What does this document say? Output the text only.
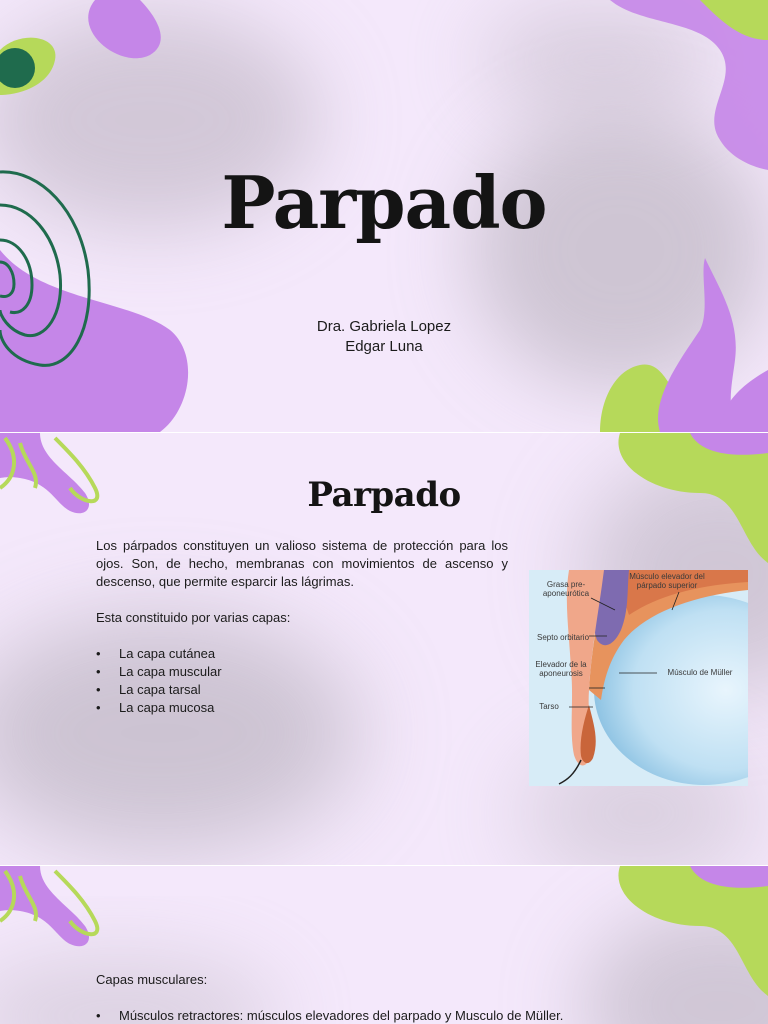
Parpado
Dra. Gabriela Lopez
Edgar Luna
Parpado

Los párpados constituyen un valioso sistema de protección para los ojos. Son, de hecho, membranas con movimientos de ascenso y descenso, que permite esparcir las lágrimas.

Esta constituido por varias capas:

• La capa cutánea
• La capa muscular
• La capa tarsal
• La capa mucosa
Grasa pre-aponeurótica
Músculo elevador del párpado superior
Septo orbitario
Músculo de Müller
Elevador de la aponeurosis
Tarso
Capas musculares:
• Músculos retractores: músculos elevadores del parpado y Musculo de Müller.
